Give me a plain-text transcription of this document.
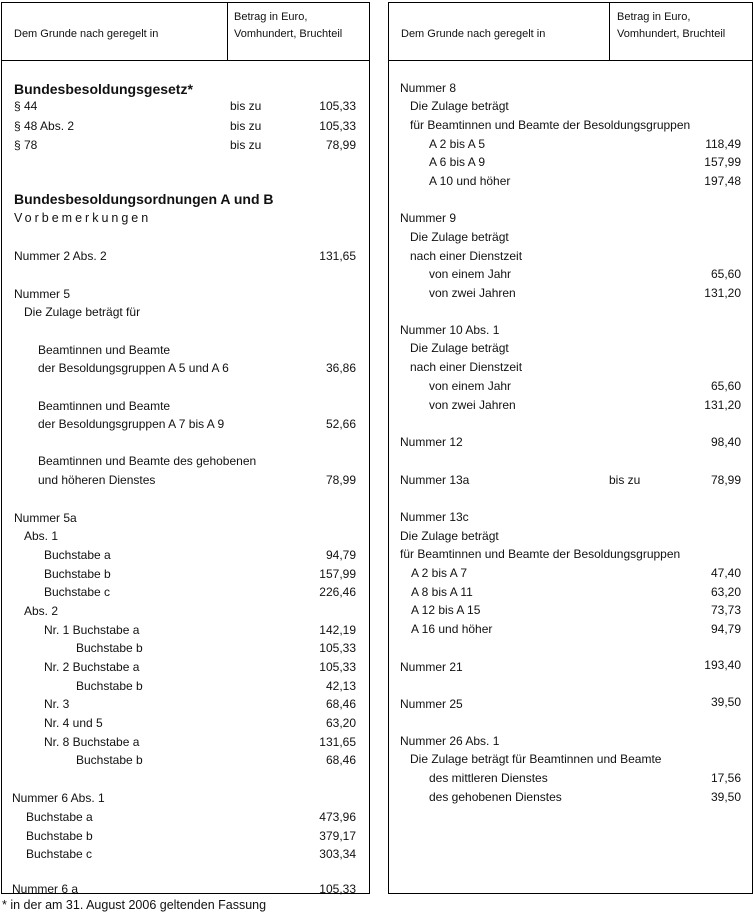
Dem Grunde nach geregelt in
Betrag in Euro,
Vomhundert, Bruchteil
Bundesbesoldungsgesetz*
§ 44	bis zu	105,33
§ 48 Abs. 2	bis zu	105,33
§ 78	bis zu	78,99
Bundesbesoldungsordnungen A und B
Vorbemerkungen
Nummer 2 Abs. 2	131,65
Nummer 5
Die Zulage beträgt für
Beamtinnen und Beamte
der Besoldungsgruppen A 5 und A 6	36,86
Beamtinnen und Beamte
der Besoldungsgruppen A 7 bis A 9	52,66
Beamtinnen und Beamte des gehobenen
und höheren Dienstes	78,99
Nummer 5a
Abs. 1
Buchstabe a	94,79
Buchstabe b	157,99
Buchstabe c	226,46
Abs. 2
Nr. 1 Buchstabe a	142,19
Buchstabe b	105,33
Nr. 2 Buchstabe a	105,33
Buchstabe b	42,13
Nr. 3	68,46
Nr. 4 und 5	63,20
Nr. 8 Buchstabe a	131,65
Buchstabe b	68,46
Nummer 6 Abs. 1
Buchstabe a	473,96
Buchstabe b	379,17
Buchstabe c	303,34
Nummer 6 a	105,33
Dem Grunde nach geregelt in
Betrag in Euro,
Vomhundert, Bruchteil
Nummer 8
Die Zulage beträgt
für Beamtinnen und Beamte der Besoldungsgruppen
A 2 bis A 5	118,49
A 6 bis A 9	157,99
A 10 und höher	197,48
Nummer 9
Die Zulage beträgt
nach einer Dienstzeit
von einem Jahr	65,60
von zwei Jahren	131,20
Nummer 10 Abs. 1
Die Zulage beträgt
nach einer Dienstzeit
von einem Jahr	65,60
von zwei Jahren	131,20
Nummer 12	98,40
Nummer 13a	bis zu	78,99
Nummer 13c
Die Zulage beträgt
für Beamtinnen und Beamte der Besoldungsgruppen
A 2 bis A 7	47,40
A 8 bis A 11	63,20
A 12 bis A 15	73,73
A 16 und höher	94,79
Nummer 21	193,40
Nummer 25	39,50
Nummer 26 Abs. 1
Die Zulage beträgt für Beamtinnen und Beamte
des mittleren Dienstes	17,56
des gehobenen Dienstes	39,50
* in der am 31. August 2006 geltenden Fassung
